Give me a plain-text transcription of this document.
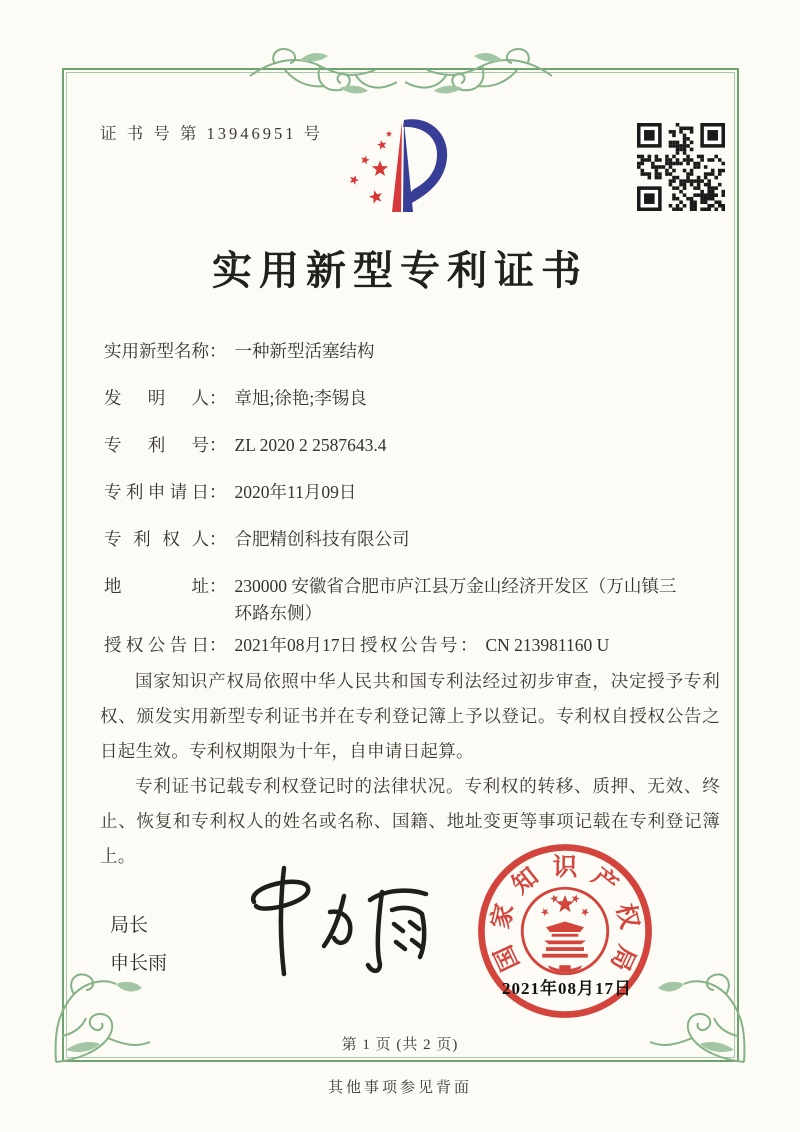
证 书 号 第 13946951 号
实用新型专利证书
实用新型名称 ： 一种新型活塞结构
发明人 ： 章旭;徐艳;李锡良
专利号 ： ZL 2020 2 2587643.4
专利申请日 ： 2020年11月09日
专利权人 ： 合肥精创科技有限公司
地址 ： 230000 安徽省合肥市庐江县万金山经济开发区（万山镇三环路东侧）
授权公告日 ： 2021年08月17日 授权公告号 ： CN 213981160 U

国家知识产权局依照中华人民共和国专利法经过初步审查，决定授予专利权、颁发实用新型专利证书并在专利登记簿上予以登记。专利权自授权公告之日起生效。专利权期限为十年，自申请日起算。

专利证书记载专利权登记时的法律状况。专利权的转移、质押、无效、终止、恢复和专利权人的姓名或名称、国籍、地址变更等事项记载在专利登记簿上。

局长
申长雨	国
家
知 识 产
权
局
2021年08月17日
第 1 页 (共 2 页)
其他事项参见背面
